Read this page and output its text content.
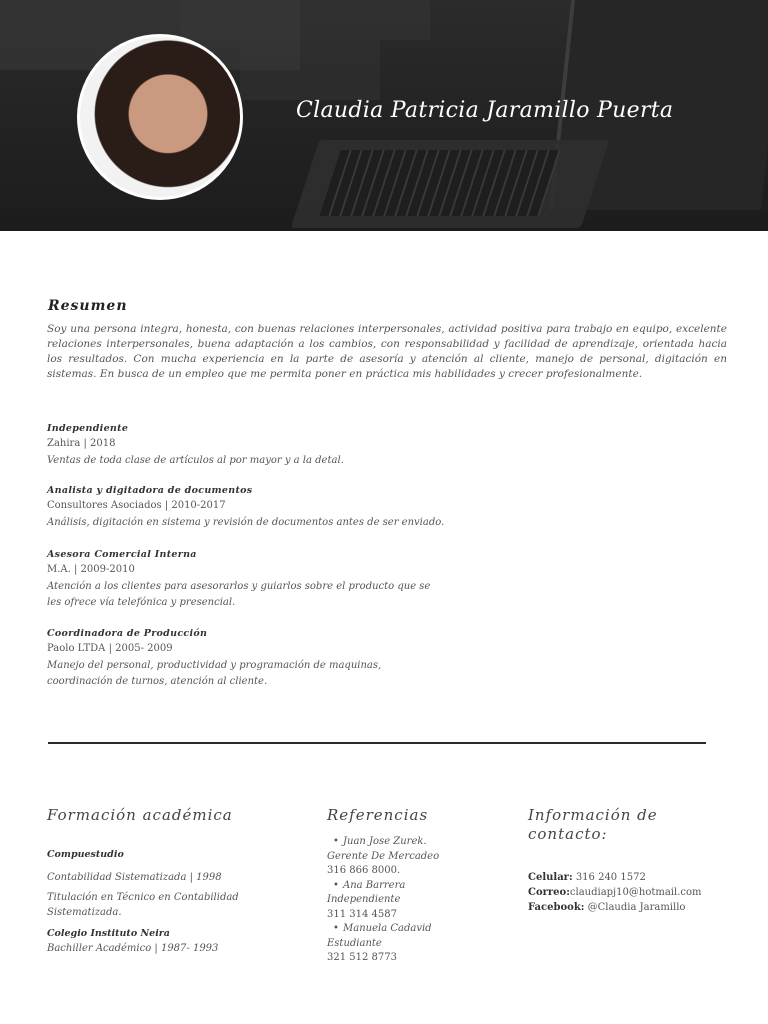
Claudia Patricia Jaramillo Puerta
Resumen
Soy una persona integra, honesta, con buenas relaciones interpersonales, actividad positiva para trabajo en equipo, excelente relaciones interpersonales, buena adaptación a los cambios, con responsabilidad y facilidad de aprendizaje, orientada hacia los resultados. Con mucha experiencia en la parte de asesoría y atención al cliente, manejo de personal, digitación en sistemas. En busca de un empleo que me permita poner en práctica mis habilidades y crecer profesionalmente.
Independiente
Zahira | 2018
Ventas de toda clase de artículos al por mayor y a la detal.
Analista y digitadora de documentos
Consultores Asociados | 2010-2017
Análisis, digitación en sistema y revisión de documentos antes de ser enviado.
Asesora Comercial Interna
M.A. | 2009-2010
Atención a los clientes para asesorarlos y guiarlos sobre el producto que se les ofrece vía telefónica y presencial.
Coordinadora de Producción
Paolo LTDA | 2005- 2009
Manejo del personal, productividad y programación de maquinas, coordinación de turnos, atención al cliente.
Formación académica
Compuestudio
Contabilidad Sistematizada | 1998
Titulación en Técnico en Contabilidad Sistematizada.
Colegio Instituto Neira
Bachiller Académico | 1987- 1993
Referencias
• Juan Jose Zurek.
Gerente De Mercadeo
316 866 8000.
• Ana Barrera
Independiente
311 314 4587
• Manuela Cadavid
Estudiante
321 512 8773
Información de contacto:
Celular: 316 240 1572
Correo:claudiapj10@hotmail.com
Facebook: @Claudia Jaramillo
